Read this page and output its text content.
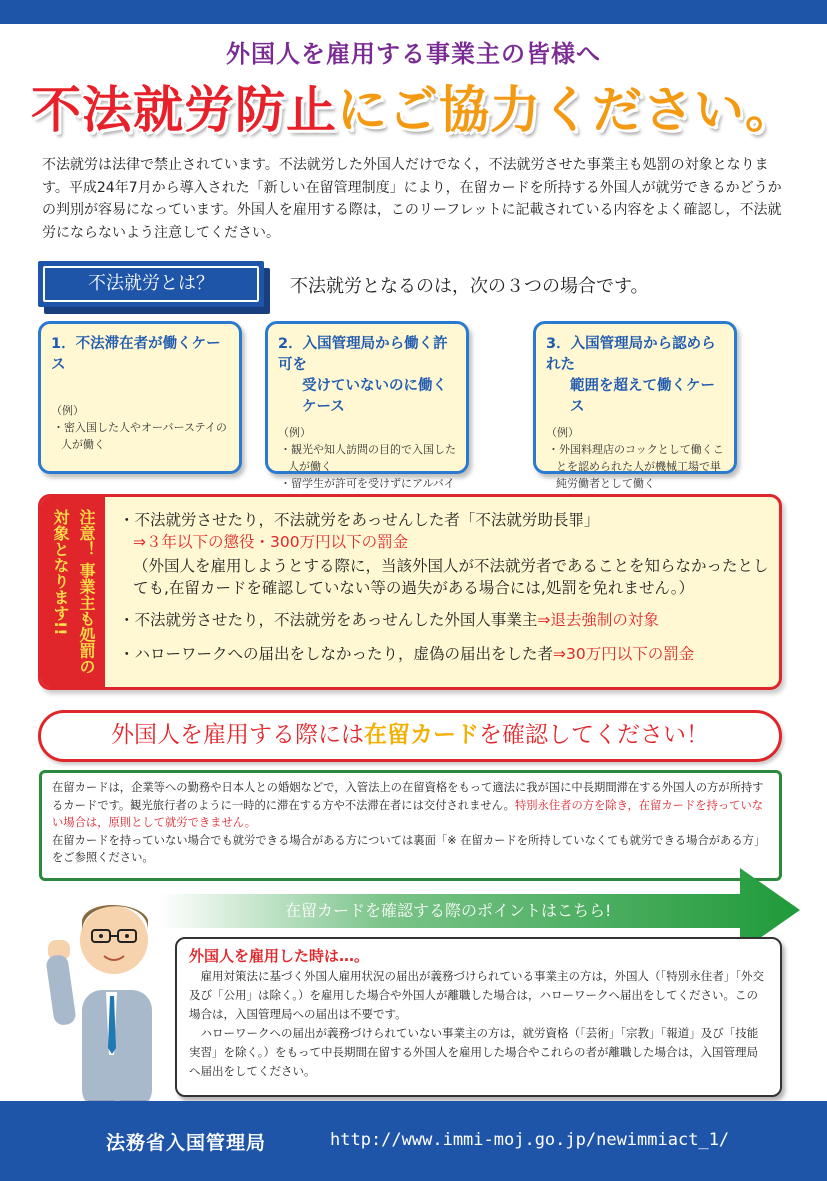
外国人を雇用する事業主の皆様へ
不法就労防止にご協力ください。
不法就労は法律で禁止されています。不法就労した外国人だけでなく，不法就労させた事業主も処罰の対象となります。平成24年7月から導入された「新しい在留管理制度」により，在留カードを所持する外国人が就労できるかどうかの判別が容易になっています。外国人を雇用する際は，このリーフレットに記載されている内容をよく確認し，不法就労にならないよう注意してください。
不法就労とは？	不法就労となるのは，次の３つの場合です。
1．不法滞在者が働くケース
（例）
・密入国した人やオーバーステイの人が働く
2．入国管理局から働く許可を
受けていないのに働くケース
（例）
・観光や知人訪問の目的で入国した人が働く
・留学生が許可を受けずにアルバイ
3．入国管理局から認められた
範囲を超えて働くケース
（例）
・外国料理店のコックとして働くことを認められた人が機械工場で単純労働者として働く
注意！ 事業主も処罰の
対象となります!!	・不法就労させたり，不法就労をあっせんした者「不法就労助長罪」
⇒３年以下の懲役・300万円以下の罰金
（外国人を雇用しようとする際に，当該外国人が不法就労者であることを知らなかったとしても,在留カードを確認していない等の過失がある場合には,処罰を免れません。）
・不法就労させたり，不法就労をあっせんした外国人事業主⇒退去強制の対象
・ハローワークへの届出をしなかったり，虚偽の届出をした者⇒30万円以下の罰金
外国人を雇用する際には在留カードを確認してください！
在留カードは，企業等への勤務や日本人との婚姻などで，入管法上の在留資格をもって適法に我が国に中長期間滞在する外国人の方が所持するカードです。観光旅行者のように一時的に滞在する方や不法滞在者には交付されません。特別永住者の方を除き，在留カードを持っていない場合は，原則として就労できません。
在留カードを持っていない場合でも就労できる場合がある方については裏面「※ 在留カードを所持していなくても就労できる場合がある方」をご参照ください。
在留カードを確認する際のポイントはこちら!
外国人を雇用した時は…。

雇用対策法に基づく外国人雇用状況の届出が義務づけられている事業主の方は，外国人（「特別永住者」「外交及び「公用」は除く。）を雇用した場合や外国人が離職した場合は，ハローワークへ届出をしてください。この場合は，入国管理局への届出は不要です。

ハローワークへの届出が義務づけられていない事業主の方は，就労資格（「芸術」「宗教」「報道」及び「技能実習」を除く。）をもって中長期間在留する外国人を雇用した場合やこれらの者が離職した場合は，入国管理局へ届出をしてください。

法務省入国管理局	http://www.immi-moj.go.jp/newimmiact_1/
